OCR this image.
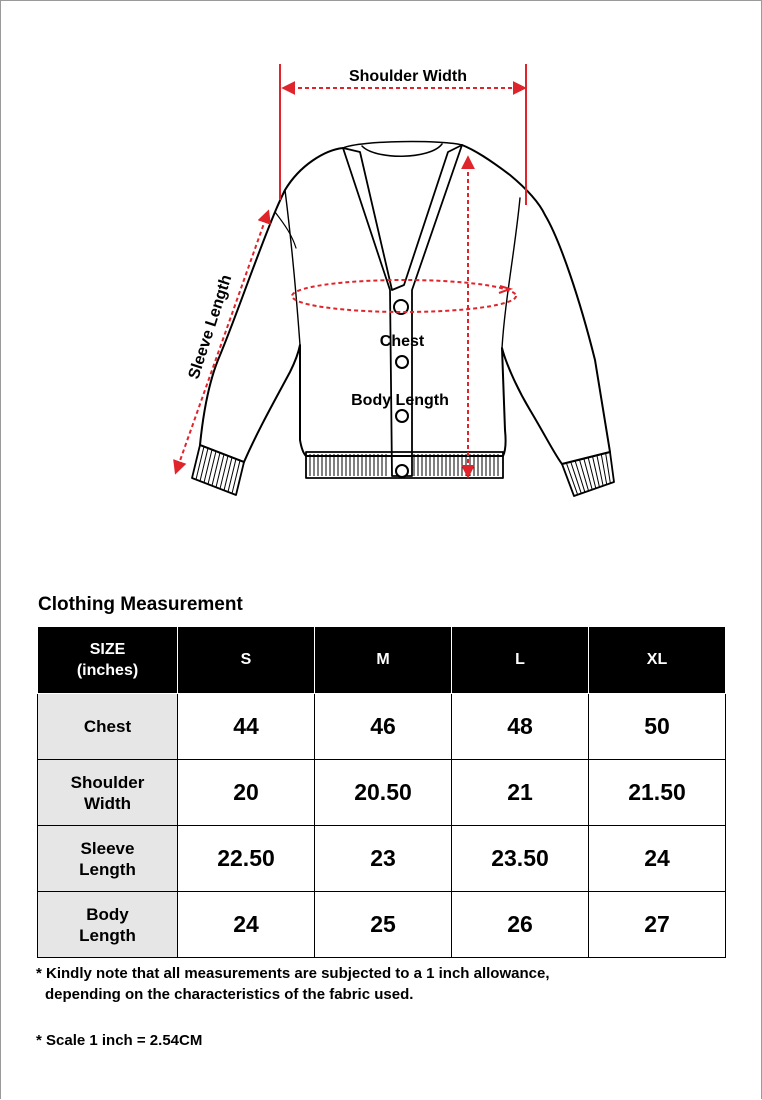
Shoulder Width
Sleeve Length	Chest
Body Length
Clothing Measurement
SIZE
(inches)	S	M	L	XL
Chest	44	46	48	50
Shoulder
Width	20	20.50	21	21.50
Sleeve
Length	22.50	23	23.50	24
Body
Length	24	25	26	27
* Kindly note that all measurements are subjected to a 1 inch allowance,
depending on the characteristics of the fabric used.
* Scale 1 inch = 2.54CM
